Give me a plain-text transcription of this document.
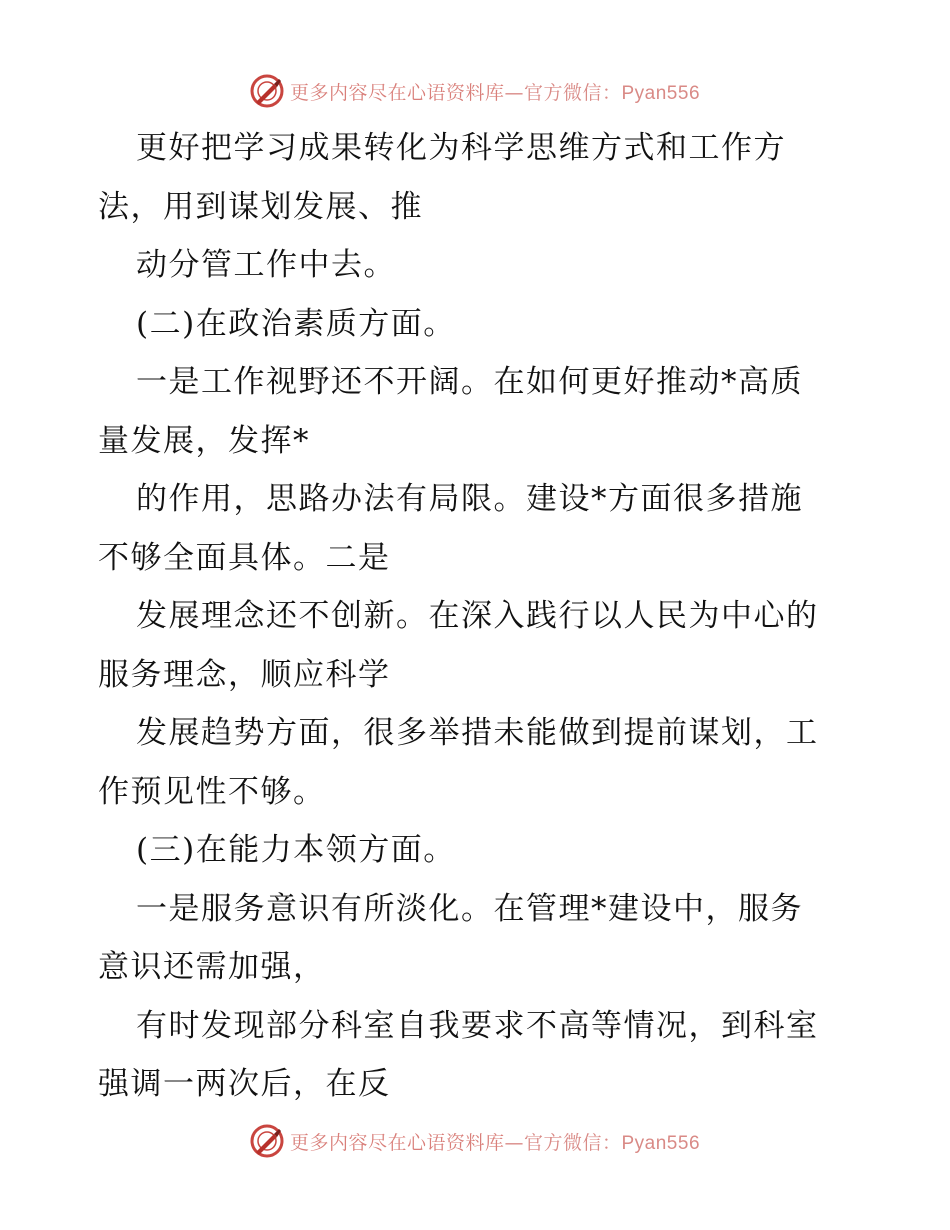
更多内容尽在心语资料库—官方微信：Pyan556
更好把学习成果转化为科学思维方式和工作方
法，用到谋划发展、推
动分管工作中去。
(二)在政治素质方面。
一是工作视野还不开阔。在如何更好推动*高质
量发展，发挥*
的作用，思路办法有局限。建设*方面很多措施
不够全面具体。二是
发展理念还不创新。在深入践行以人民为中心的
服务理念，顺应科学
发展趋势方面，很多举措未能做到提前谋划，工
作预见性不够。
(三)在能力本领方面。
一是服务意识有所淡化。在管理*建设中，服务
意识还需加强，
有时发现部分科室自我要求不高等情况，到科室
强调一两次后，在反
更多内容尽在心语资料库—官方微信：Pyan556
